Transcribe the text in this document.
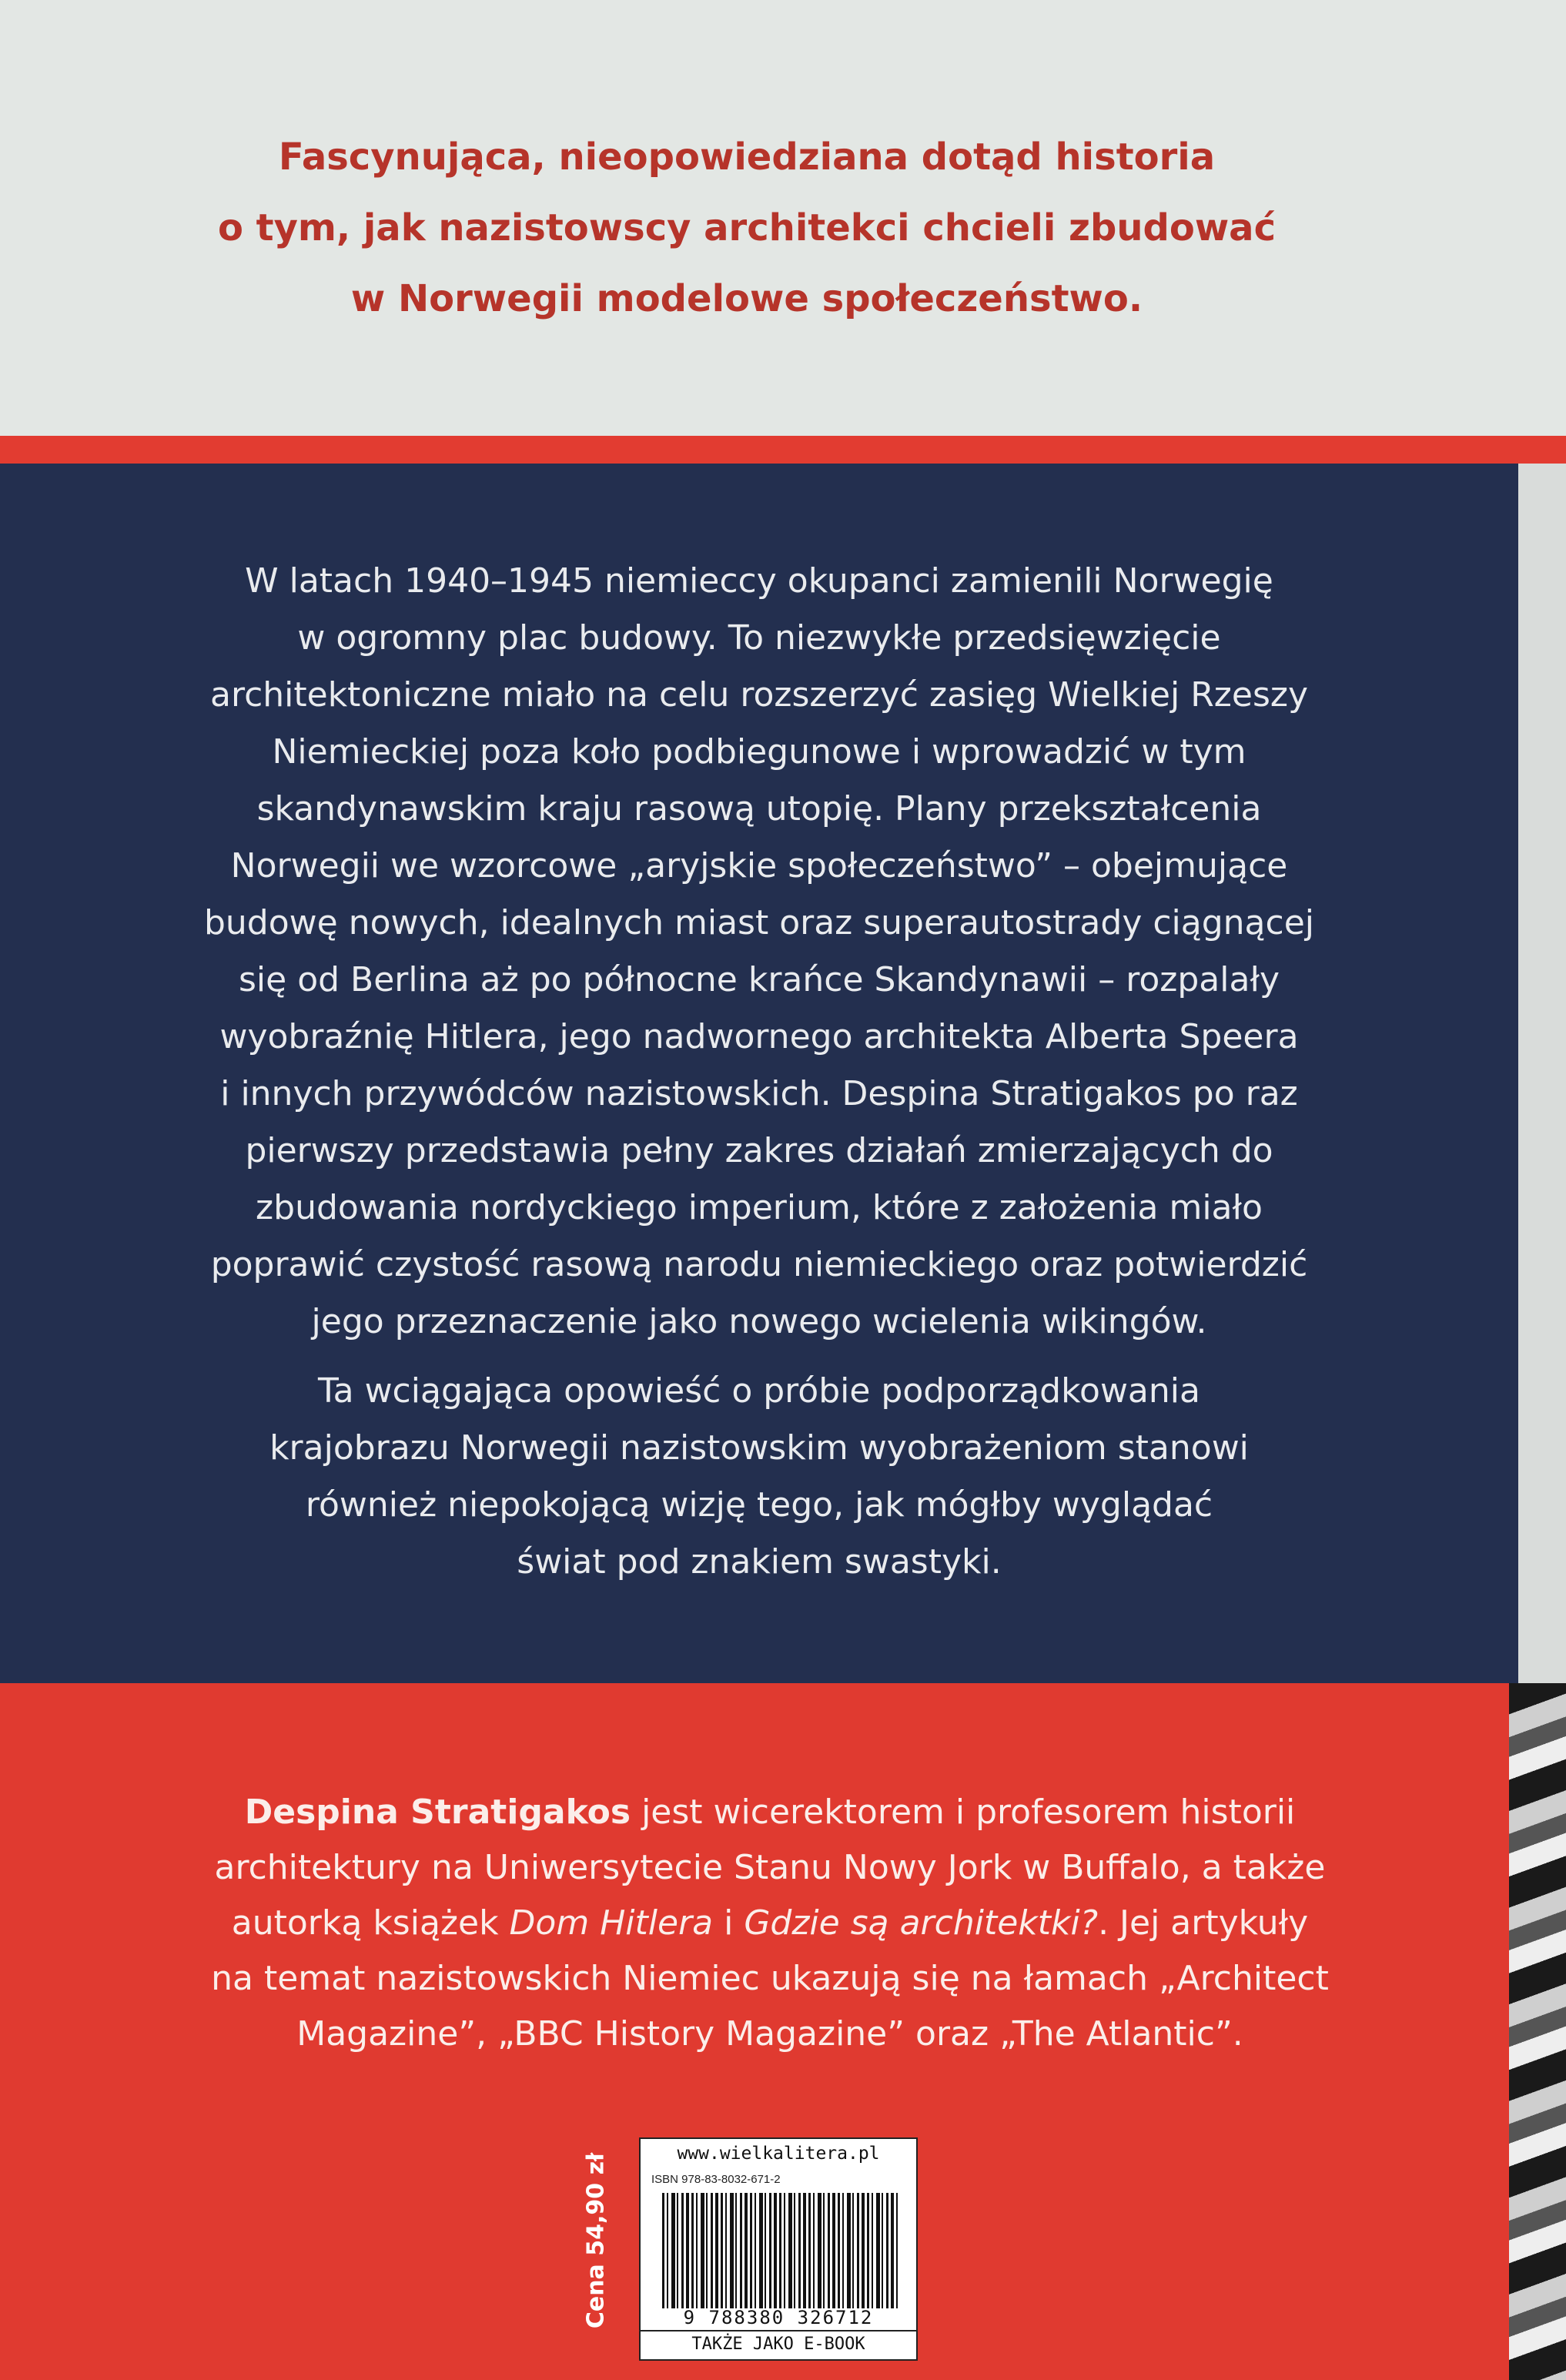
Fascynująca, nieopowiedziana dotąd historia
o tym, jak nazistowscy architekci chcieli zbudować
w Norwegii modelowe społeczeństwo.
W latach 1940–1945 niemieccy okupanci zamienili Norwegię
w ogromny plac budowy. To niezwykłe przedsięwzięcie
architektoniczne miało na celu rozszerzyć zasięg Wielkiej Rzeszy
Niemieckiej poza koło podbiegunowe i wprowadzić w tym
skandynawskim kraju rasową utopię. Plany przekształcenia
Norwegii we wzorcowe „aryjskie społeczeństwo” – obejmujące
budowę nowych, idealnych miast oraz superautostrady ciągnącej
się od Berlina aż po północne krańce Skandynawii – rozpalały
wyobraźnię Hitlera, jego nadwornego architekta Alberta Speera
i innych przywódców nazistowskich. Despina Stratigakos po raz
pierwszy przedstawia pełny zakres działań zmierzających do
zbudowania nordyckiego imperium, które z założenia miało
poprawić czystość rasową narodu niemieckiego oraz potwierdzić
jego przeznaczenie jako nowego wcielenia wikingów.
Ta wciągająca opowieść o próbie podporządkowania
krajobrazu Norwegii nazistowskim wyobrażeniom stanowi
również niepokojącą wizję tego, jak mógłby wyglądać
świat pod znakiem swastyki.
Despina Stratigakos jest wicerektorem i profesorem historii
architektury na Uniwersytecie Stanu Nowy Jork w Buffalo, a także
autorką książek Dom Hitlera i Gdzie są architektki?. Jej artykuły
na temat nazistowskich Niemiec ukazują się na łamach „Architect
Magazine”, „BBC History Magazine” oraz „The Atlantic”.
Cena 54,90 zł	www.wielkalitera.pl
ISBN 978-83-8032-671-2
9 788380 326712
TAKŻE JAKO E-BOOK
